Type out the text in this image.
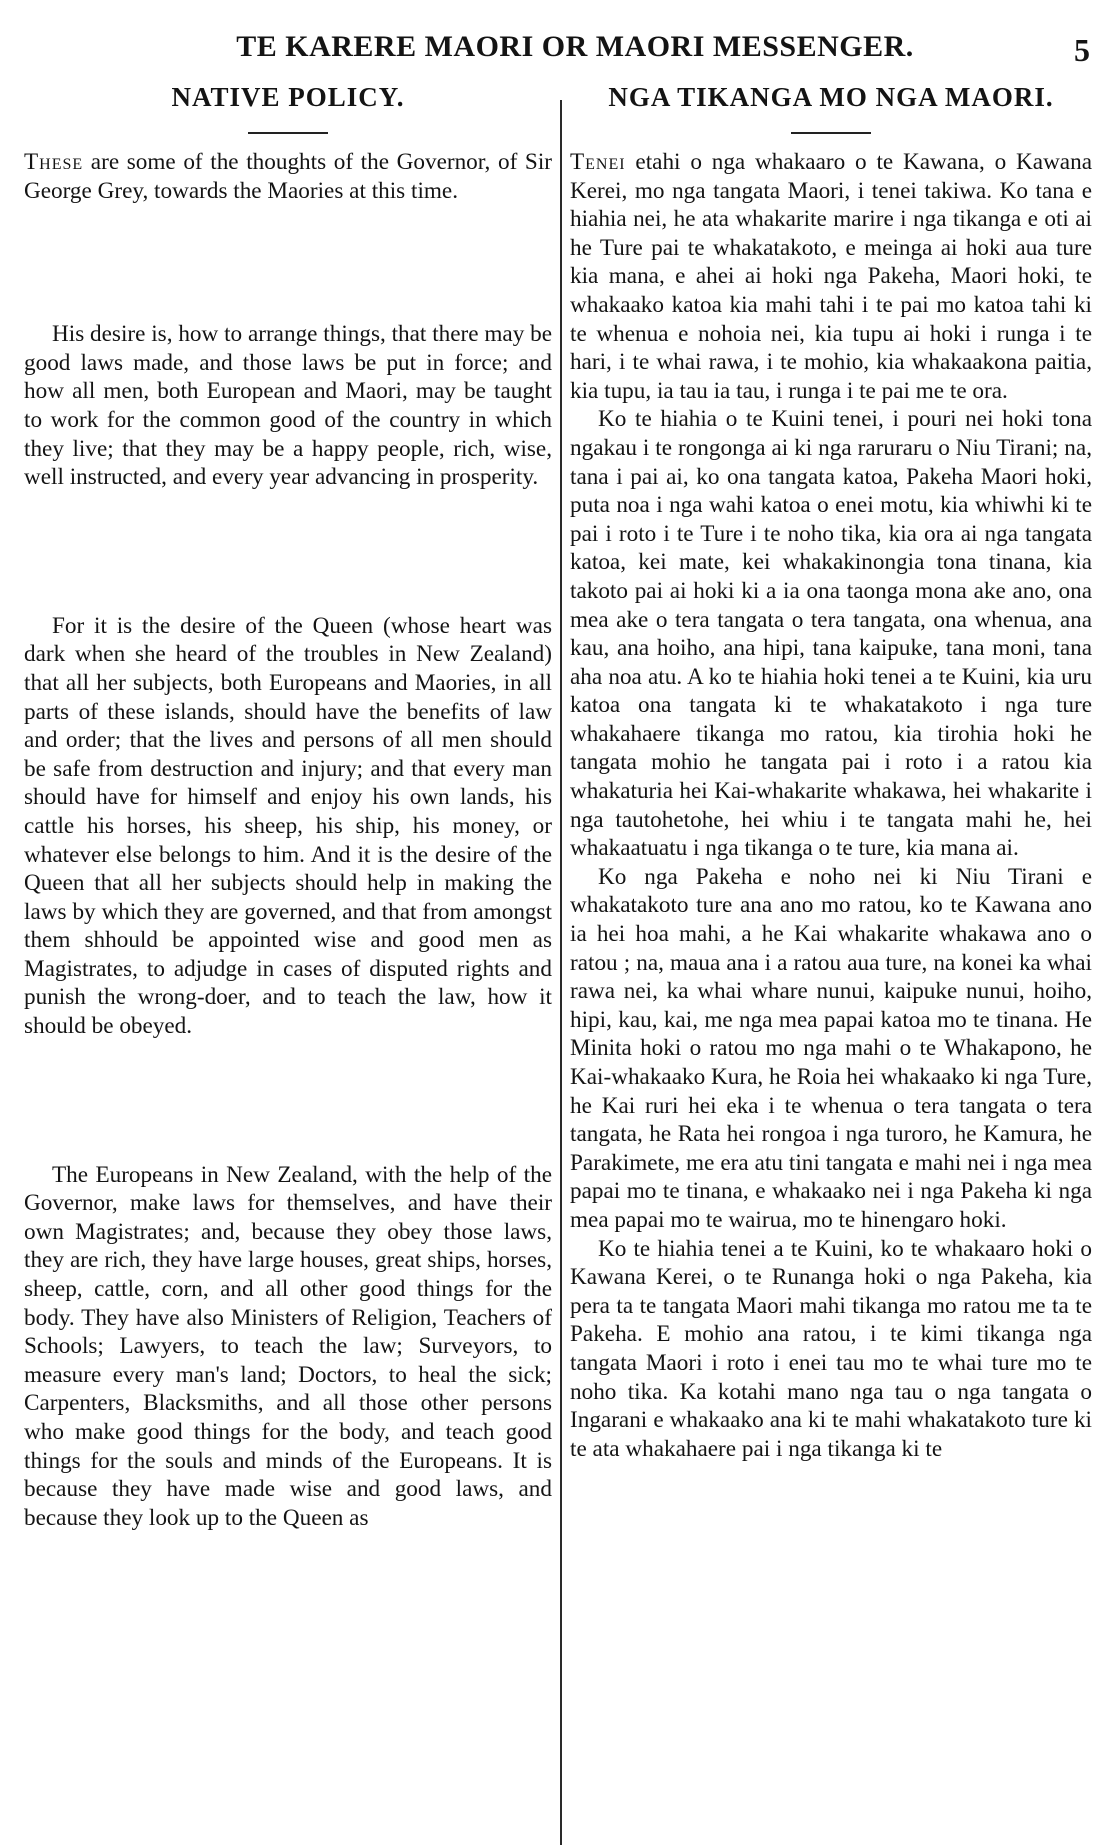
TE KARERE MAORI OR MAORI MESSENGER.	5
NATIVE POLICY.

These are some of the thoughts of the Governor, of Sir George Grey, towards the Maories at this time.

His desire is, how to arrange things, that there may be good laws made, and those laws be put in force; and how all men, both European and Maori, may be taught to work for the common good of the country in which they live; that they may be a happy people, rich, wise, well instructed, and every year advancing in prosperity.

For it is the desire of the Queen (whose heart was dark when she heard of the troubles in New Zealand) that all her subjects, both Europeans and Maories, in all parts of these islands, should have the benefits of law and order; that the lives and persons of all men should be safe from destruction and injury; and that every man should have for himself and enjoy his own lands, his cattle his horses, his sheep, his ship, his money, or whatever else belongs to him. And it is the desire of the Queen that all her subjects should help in making the laws by which they are governed, and that from amongst them shhould be appointed wise and good men as Magistrates, to adjudge in cases of disputed rights and punish the wrong-doer, and to teach the law, how it should be obeyed.

The Europeans in New Zealand, with the help of the Governor, make laws for themselves, and have their own Magistrates; and, because they obey those laws, they are rich, they have large houses, great ships, horses, sheep, cattle, corn, and all other good things for the body. They have also Ministers of Religion, Teachers of Schools; Lawyers, to teach the law; Surveyors, to measure every man's land; Doctors, to heal the sick; Carpenters, Blacksmiths, and all those other persons who make good things for the body, and teach good things for the souls and minds of the Europeans. It is because they have made wise and good laws, and because they look up to the Queen as

NGA TIKANGA MO NGA MAORI.

Tenei etahi o nga whakaaro o te Kawana, o Kawana Kerei, mo nga tangata Maori, i tenei takiwa. Ko tana e hiahia nei, he ata whakarite marire i nga tikanga e oti ai he Ture pai te whakatakoto, e meinga ai hoki aua ture kia mana, e ahei ai hoki nga Pakeha, Maori hoki, te whakaako katoa kia mahi tahi i te pai mo katoa tahi ki te whenua e nohoia nei, kia tupu ai hoki i runga i te hari, i te whai rawa, i te mohio, kia whakaakona paitia, kia tupu, ia tau ia tau, i runga i te pai me te ora.

Ko te hiahia o te Kuini tenei, i pouri nei hoki tona ngakau i te rongonga ai ki nga raruraru o Niu Tirani; na, tana i pai ai, ko ona tangata katoa, Pakeha Maori hoki, puta noa i nga wahi katoa o enei motu, kia whiwhi ki te pai i roto i te Ture i te noho tika, kia ora ai nga tangata katoa, kei mate, kei whakakinongia tona tinana, kia takoto pai ai hoki ki a ia ona taonga mona ake ano, ona mea ake o tera tangata o tera tangata, ona whenua, ana kau, ana hoiho, ana hipi, tana kaipuke, tana moni, tana aha noa atu. A ko te hiahia hoki tenei a te Kuini, kia uru katoa ona tangata ki te whakatakoto i nga ture whakahaere tikanga mo ratou, kia tirohia hoki he tangata mohio he tangata pai i roto i a ratou kia whakaturia hei Kai-whakarite whakawa, hei whakarite i nga tautohetohe, hei whiu i te tangata mahi he, hei whakaatuatu i nga tikanga o te ture, kia mana ai.

Ko nga Pakeha e noho nei ki Niu Tirani e whakatakoto ture ana ano mo ratou, ko te Kawana ano ia hei hoa mahi, a he Kai whakarite whakawa ano o ratou ; na, maua ana i a ratou aua ture, na konei ka whai rawa nei, ka whai whare nunui, kaipuke nunui, hoiho, hipi, kau, kai, me nga mea papai katoa mo te tinana. He Minita hoki o ratou mo nga mahi o te Whakapono, he Kai-whakaako Kura, he Roia hei whakaako ki nga Ture, he Kai ruri hei eka i te whenua o tera tangata o tera tangata, he Rata hei rongoa i nga turoro, he Kamura, he Parakimete, me era atu tini tangata e mahi nei i nga mea papai mo te tinana, e whakaako nei i nga Pakeha ki nga mea papai mo te wairua, mo te hinengaro hoki.

Ko te hiahia tenei a te Kuini, ko te whakaaro hoki o Kawana Kerei, o te Runanga hoki o nga Pakeha, kia pera ta te tangata Maori mahi tikanga mo ratou me ta te Pakeha. E mohio ana ratou, i te kimi tikanga nga tangata Maori i roto i enei tau mo te whai ture mo te noho tika. Ka kotahi mano nga tau o nga tangata o Ingarani e whakaako ana ki te mahi whakatakoto ture ki te ata whakahaere pai i nga tikanga ki te
